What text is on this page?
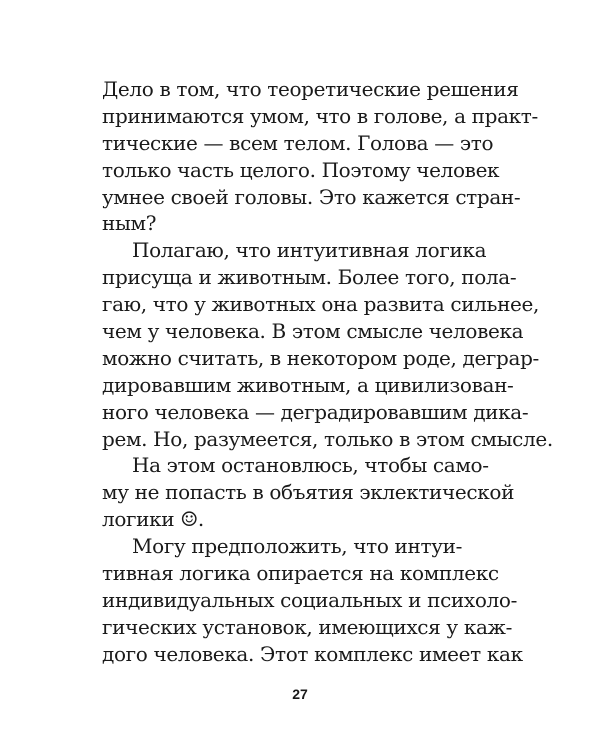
Дело в том, что теоретические решения
принимаются умом, что в голове, а практ-
тические — всем телом. Голова — это
только часть целого. Поэтому человек
умнее своей головы. Это кажется стран-
ным?
Полагаю, что интуитивная логика
присуща и животным. Более того, пола-
гаю, что у животных она развита сильнее,
чем у человека. В этом смысле человека
можно считать, в некотором роде, деграр-
дировавшим животным, а цивилизован-
ного человека — деградировавшим дика-
рем. Но, разумеется, только в этом смысле.
На этом остановлюсь, чтобы само-
му не попасть в объятия эклектической
логики ☺.
Могу предположить, что интуи-
тивная логика опирается на комплекс
индивидуальных социальных и психоло-
гических установок, имеющихся у каж-
дого человека. Этот комплекс имеет как
27
